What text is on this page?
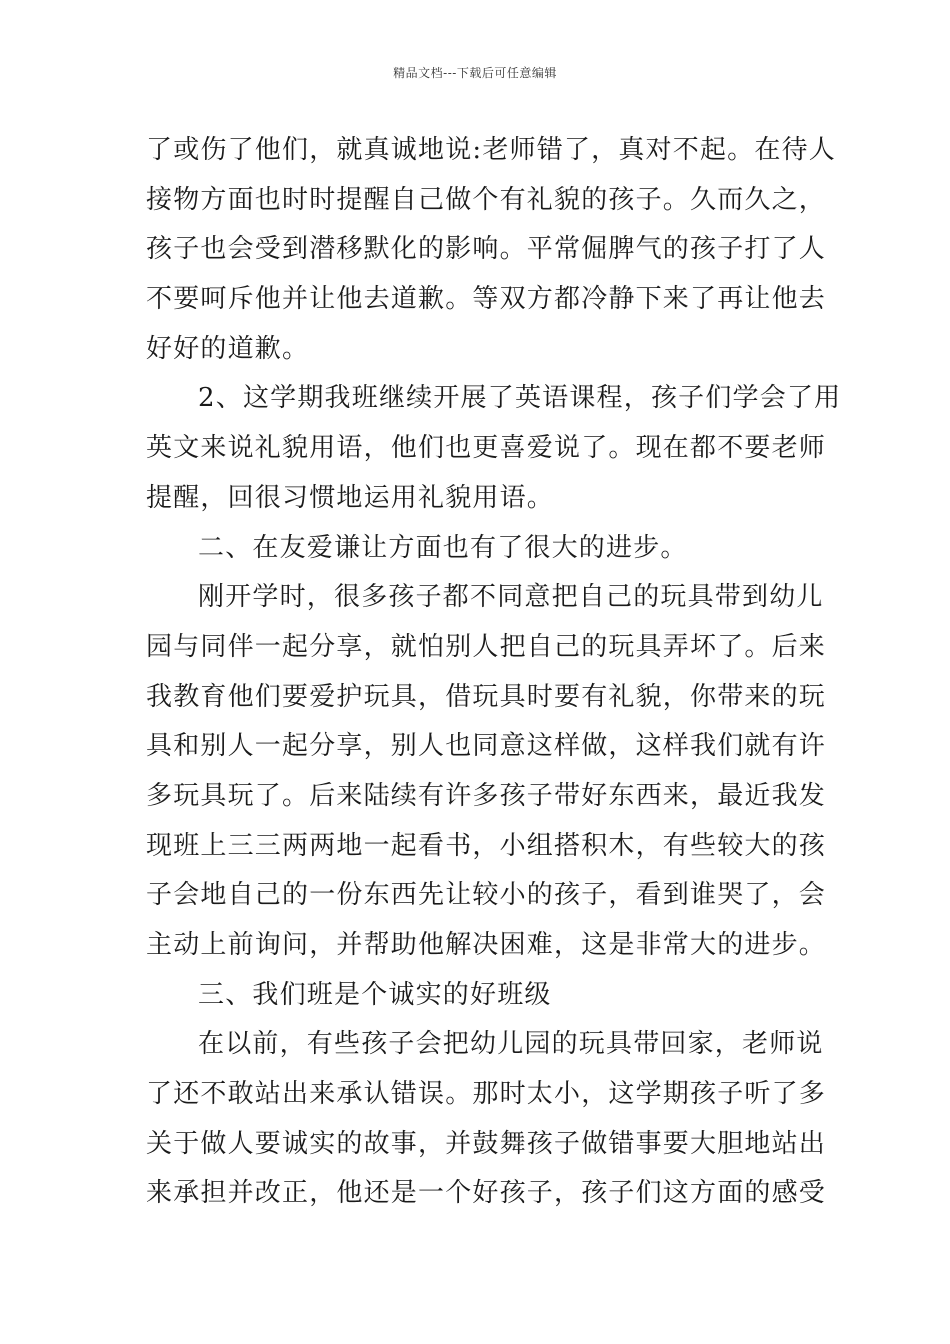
精品文档---下载后可任意编辑
了或伤了他们，就真诚地说:老师错了，真对不起。在待人
接物方面也时时提醒自己做个有礼貌的孩子。久而久之，
孩子也会受到潜移默化的影响。平常倔脾气的孩子打了人
不要呵斥他并让他去道歉。等双方都冷静下来了再让他去
好好的道歉。
2、这学期我班继续开展了英语课程，孩子们学会了用
英文来说礼貌用语，他们也更喜爱说了。现在都不要老师
提醒，回很习惯地运用礼貌用语。
二、在友爱谦让方面也有了很大的进步。
刚开学时，很多孩子都不同意把自己的玩具带到幼儿
园与同伴一起分享，就怕别人把自己的玩具弄坏了。后来
我教育他们要爱护玩具，借玩具时要有礼貌，你带来的玩
具和别人一起分享，别人也同意这样做，这样我们就有许
多玩具玩了。后来陆续有许多孩子带好东西来，最近我发
现班上三三两两地一起看书，小组搭积木，有些较大的孩
子会地自己的一份东西先让较小的孩子，看到谁哭了，会
主动上前询问，并帮助他解决困难，这是非常大的进步。
三、我们班是个诚实的好班级
在以前，有些孩子会把幼儿园的玩具带回家，老师说
了还不敢站出来承认错误。那时太小，这学期孩子听了多
关于做人要诚实的故事，并鼓舞孩子做错事要大胆地站出
来承担并改正，他还是一个好孩子，孩子们这方面的感受
